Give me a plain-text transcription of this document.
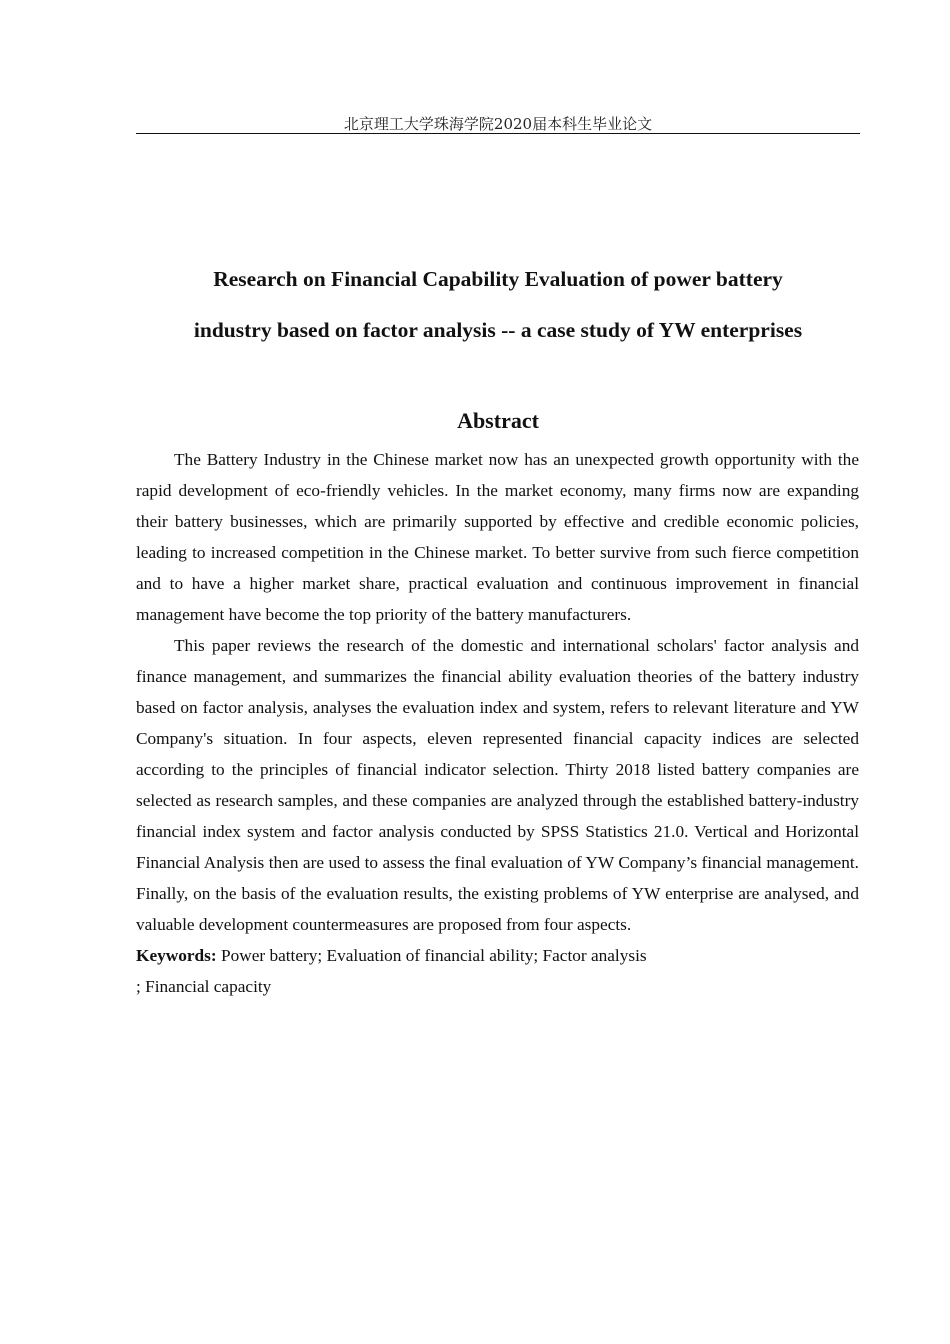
北京理工大学珠海学院2020届本科生毕业论文
Research on Financial Capability Evaluation of power battery
industry based on factor analysis -- a case study of YW enterprises
Abstract

The Battery Industry in the Chinese market now has an unexpected growth opportunity with the rapid development of eco-friendly vehicles. In the market economy, many firms now are expanding their battery businesses, which are primarily supported by effective and credible economic policies, leading to increased competition in the Chinese market. To better survive from such fierce competition and to have a higher market share, practical evaluation and continuous improvement in financial management have become the top priority of the battery manufacturers.

This paper reviews the research of the domestic and international scholars' factor analysis and finance management, and summarizes the financial ability evaluation theories of the battery industry based on factor analysis, analyses the evaluation index and system, refers to relevant literature and YW Company's situation. In four aspects, eleven represented financial capacity indices are selected according to the principles of financial indicator selection. Thirty 2018 listed battery companies are selected as research samples, and these companies are analyzed through the established battery-industry financial index system and factor analysis conducted by SPSS Statistics 21.0. Vertical and Horizontal Financial Analysis then are used to assess the final evaluation of YW Company’s financial management. Finally, on the basis of the evaluation results, the existing problems of YW enterprise are analysed, and valuable development countermeasures are proposed from four aspects.

Keywords: Power battery; Evaluation of financial ability; Factor analysis
; Financial capacity
